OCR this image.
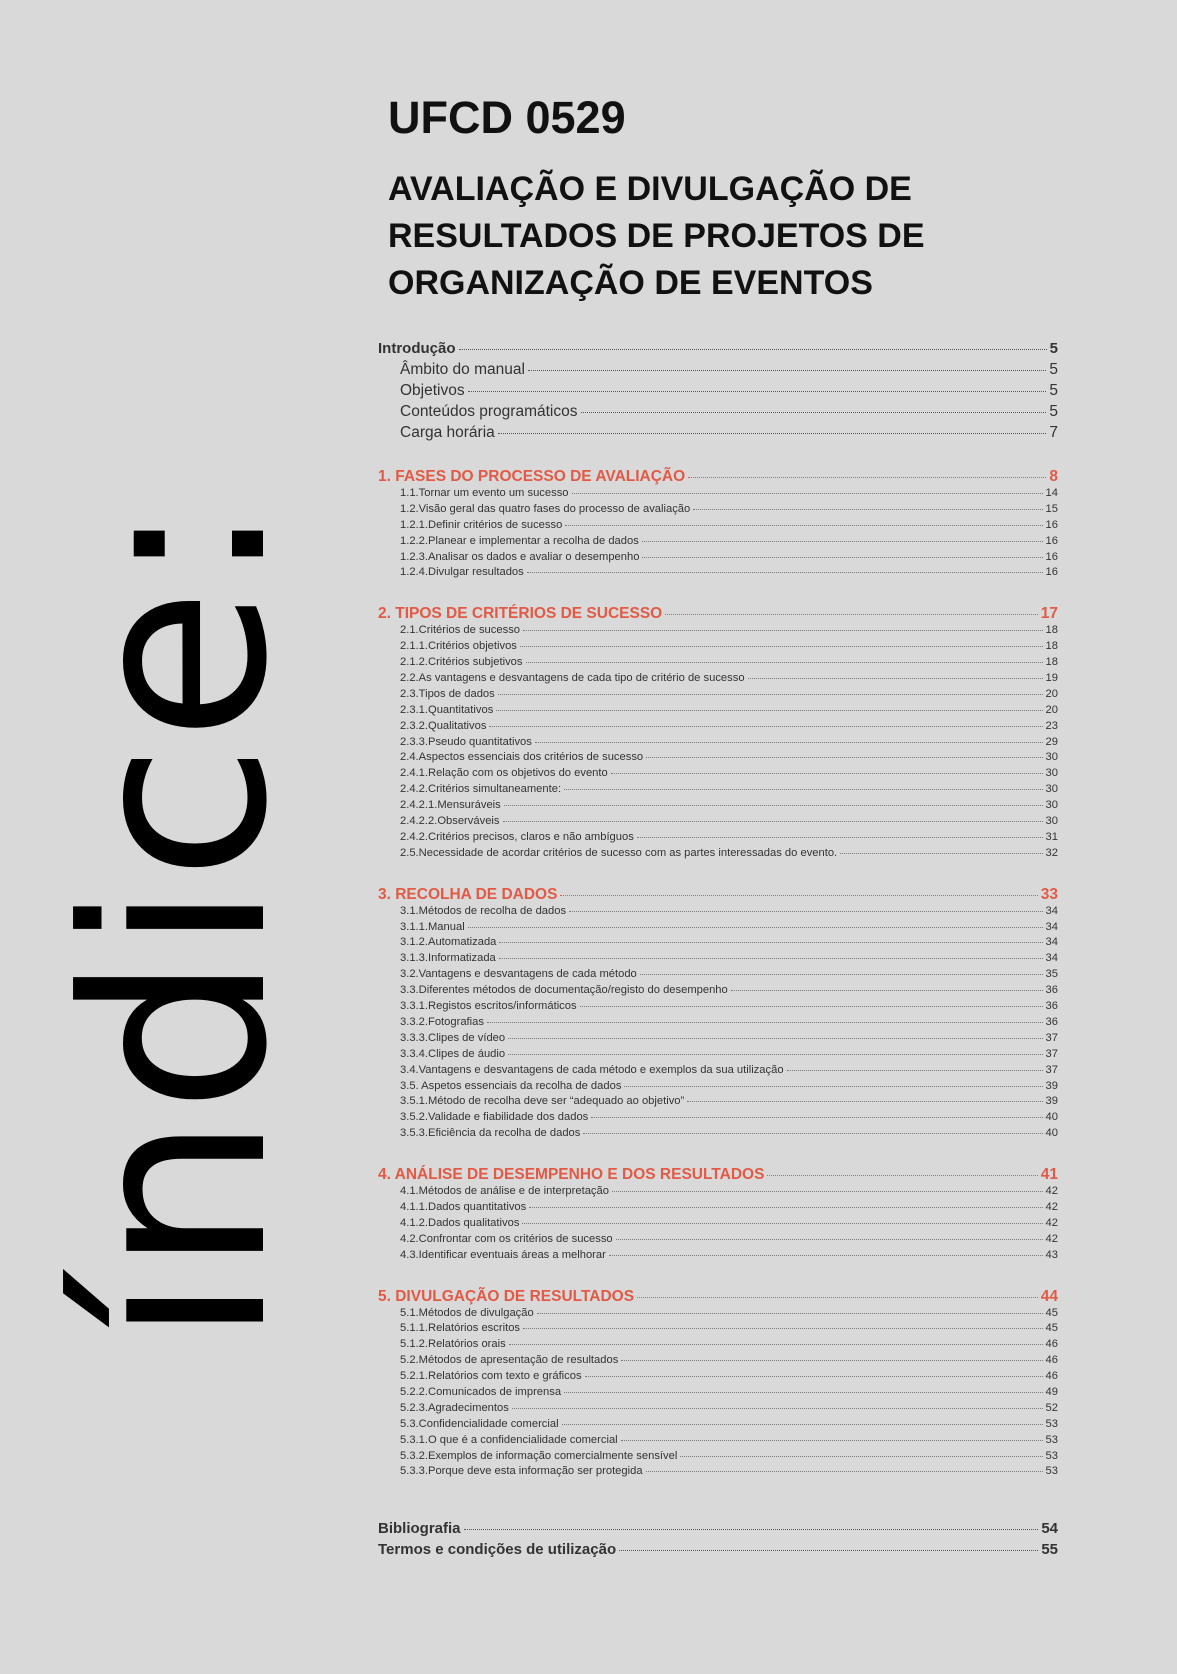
índice:
UFCD 0529
AVALIAÇÃO E DIVULGAÇÃO DE RESULTADOS DE PROJETOS DE ORGANIZAÇÃO DE EVENTOS
Introdução	5
Âmbito do manual	5
Objetivos	5
Conteúdos programáticos	5
Carga horária	7
1. FASES DO PROCESSO DE AVALIAÇÃO	8
1.1.Tornar um evento um sucesso	14
1.2.Visão geral das quatro fases do processo de avaliação	15
1.2.1.Definir critérios de sucesso	16
1.2.2.Planear e implementar a recolha de dados	16
1.2.3.Analisar os dados e avaliar o desempenho	16
1.2.4.Divulgar resultados	16
2. TIPOS DE CRITÉRIOS DE SUCESSO	17
2.1.Critérios de sucesso	18
2.1.1.Critérios objetivos	18
2.1.2.Critérios subjetivos	18
2.2.As vantagens e desvantagens de cada tipo de critério de sucesso	19
2.3.Tipos de dados	20
2.3.1.Quantitativos	20
2.3.2.Qualitativos	23
2.3.3.Pseudo quantitativos	29
2.4.Aspectos essenciais dos critérios de sucesso	30
2.4.1.Relação com os objetivos do evento	30
2.4.2.Critérios simultaneamente:	30
2.4.2.1.Mensuráveis	30
2.4.2.2.Observáveis	30
2.4.2.Critérios precisos, claros e não ambíguos	31
2.5.Necessidade de acordar critérios de sucesso com as partes interessadas do evento.	32
3. RECOLHA DE DADOS	33
3.1.Métodos de recolha de dados	34
3.1.1.Manual	34
3.1.2.Automatizada	34
3.1.3.Informatizada	34
3.2.Vantagens e desvantagens de cada método	35
3.3.Diferentes métodos de documentação/registo do desempenho	36
3.3.1.Registos escritos/informáticos	36
3.3.2.Fotografias	36
3.3.3.Clipes de vídeo	37
3.3.4.Clipes de áudio	37
3.4.Vantagens e desvantagens de cada método e exemplos da sua utilização	37
3.5. Aspetos essenciais da recolha de dados	39
3.5.1.Método de recolha deve ser “adequado ao objetivo”	39
3.5.2.Validade e fiabilidade dos dados	40
3.5.3.Eficiência da recolha de dados	40
4. ANÁLISE DE DESEMPENHO E DOS RESULTADOS	41
4.1.Métodos de análise e de interpretação	42
4.1.1.Dados quantitativos	42
4.1.2.Dados qualitativos	42
4.2.Confrontar com os critérios de sucesso	42
4.3.Identificar eventuais áreas a melhorar	43
5. DIVULGAÇÃO DE RESULTADOS	44
5.1.Métodos de divulgação	45
5.1.1.Relatórios escritos	45
5.1.2.Relatórios orais	46
5.2.Métodos de apresentação de resultados	46
5.2.1.Relatórios com texto e gráficos	46
5.2.2.Comunicados de imprensa	49
5.2.3.Agradecimentos	52
5.3.Confidencialidade comercial	53
5.3.1.O que é a confidencialidade comercial	53
5.3.2.Exemplos de informação comercialmente sensível	53
5.3.3.Porque deve esta informação ser protegida	53
Bibliografia	54
Termos e condições de utilização	55
